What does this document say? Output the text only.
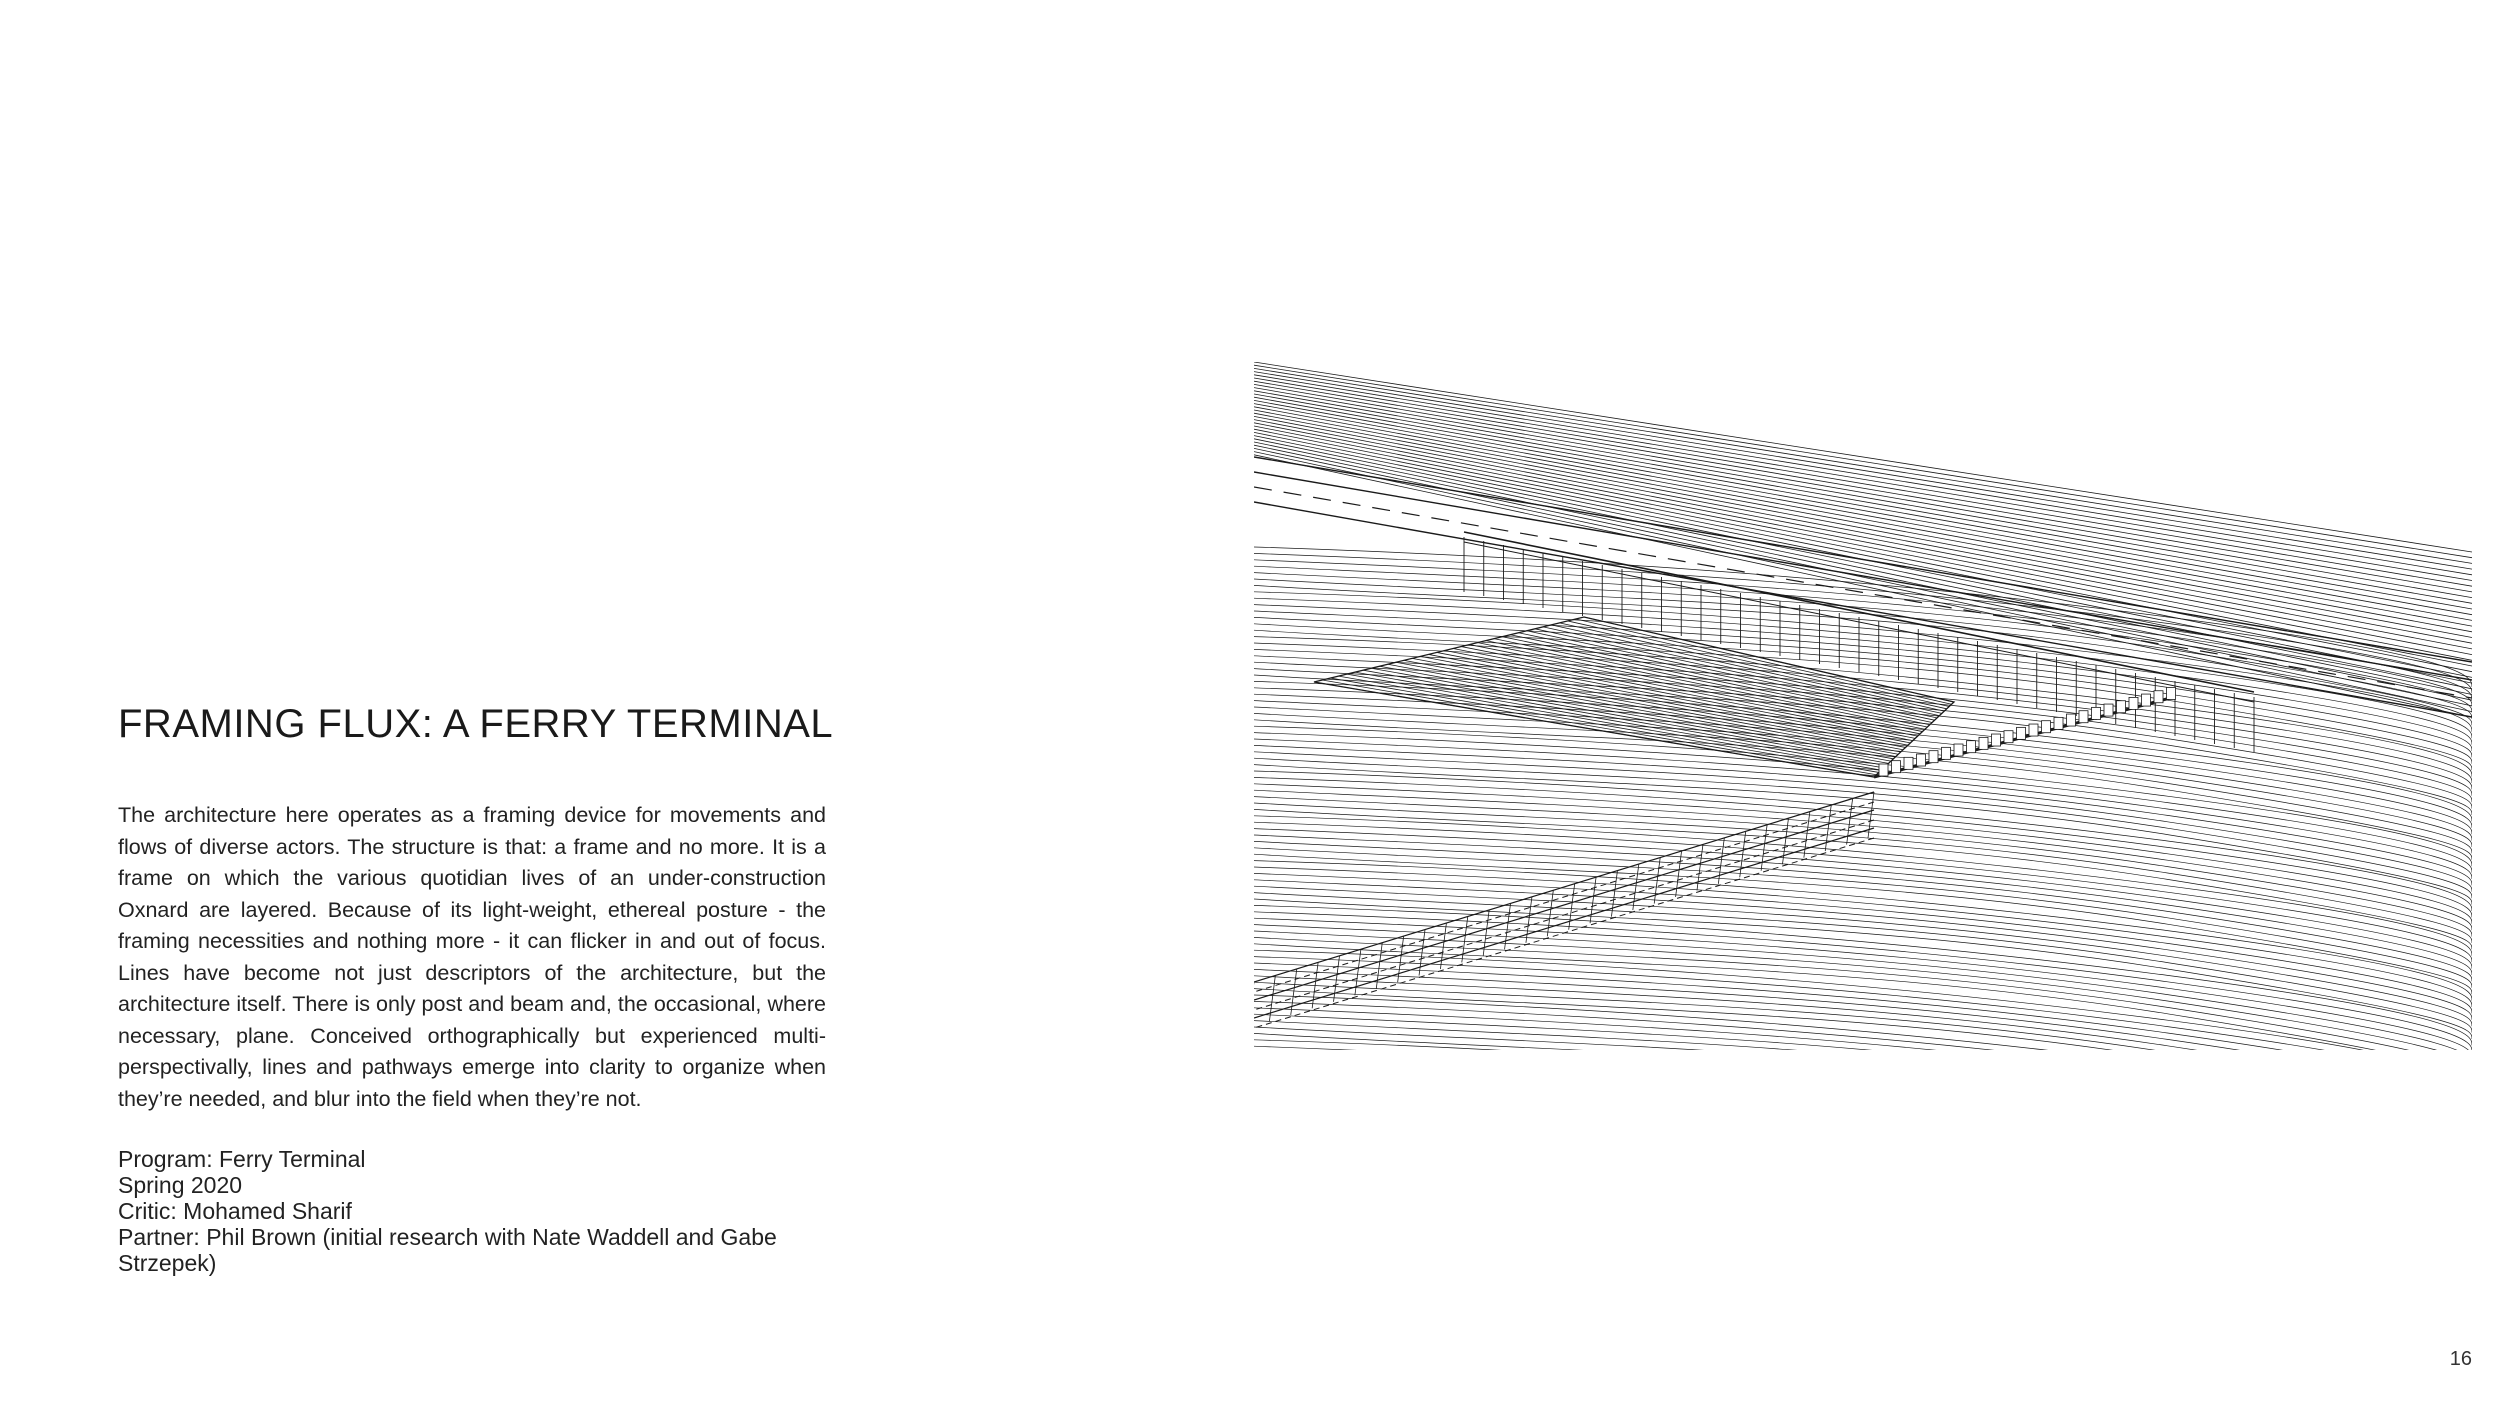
FRAMING FLUX: A FERRY TERMINAL

The architecture here operates as a framing device for movements and flows of diverse actors. The structure is that: a frame and no more. It is a frame on which the various quotidian lives of an under-construction Oxnard are layered. Because of its light-weight, ethereal posture - the framing necessities and nothing more - it can flicker in and out of focus. Lines have become not just descriptors of the architecture, but the architecture itself. There is only post and beam and, the occasional, where necessary, plane. Conceived orthographically but experienced multi-perspectivally, lines and pathways emerge into clarity to organize when they’re needed, and blur into the field when they’re not.

Program: Ferry Terminal
Spring 2020
Critic: Mohamed Sharif
Partner: Phil Brown (initial research with Nate Waddell and Gabe Strzepek)
16
